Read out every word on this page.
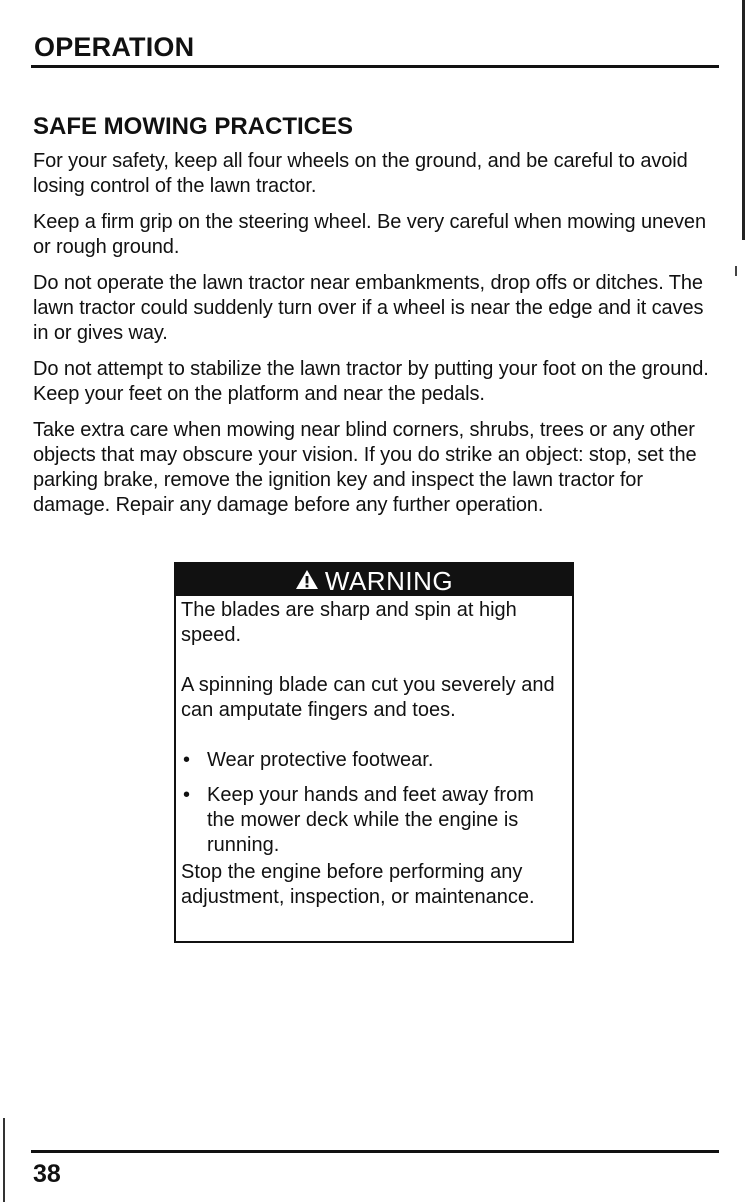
OPERATION
SAFE MOWING PRACTICES

For your safety, keep all four wheels on the ground, and be careful to avoid losing control of the lawn tractor.

Keep a firm grip on the steering wheel. Be very careful when mowing uneven or rough ground.

Do not operate the lawn tractor near embankments, drop offs or ditches. The lawn tractor could suddenly turn over if a wheel is near the edge and it caves in or gives way.

Do not attempt to stabilize the lawn tractor by putting your foot on the ground. Keep your feet on the platform and near the pedals.

Take extra care when mowing near blind corners, shrubs, trees or any other objects that may obscure your vision. If you do strike an object: stop, set the parking brake, remove the ignition key and inspect the lawn tractor for damage. Repair any damage before any further operation.

WARNING

The blades are sharp and spin at high speed.

A spinning blade can cut you severely and can amputate fingers and toes.

• Wear protective footwear.
• Keep your hands and feet away from the mower deck while the engine is running.

Stop the engine before performing any adjustment, inspection, or maintenance.

38
